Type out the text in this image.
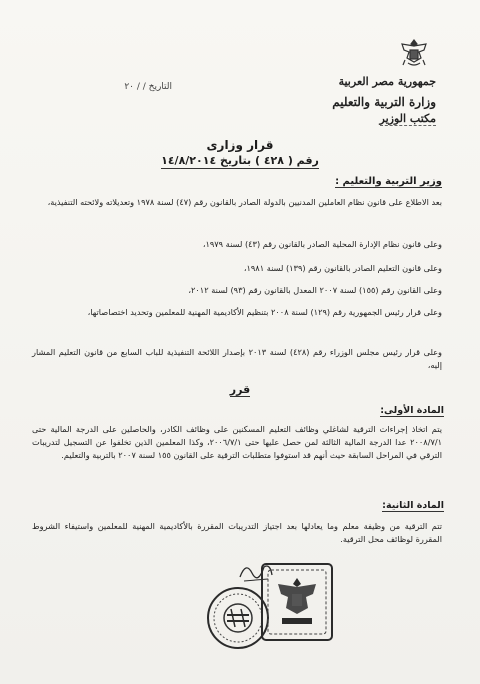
جمهورية مصر العربية
وزارة التربية والتعليم
مكتب الوزير
التاريخ / / ٢٠
قرار وزارى
رقم ( ٤٢٨ ) بتاريخ ١٤/٨/٢٠١٤
وزير التربية والتعليم :
بعد الاطلاع على قانون نظام العاملين المدنيين بالدولة الصادر بالقانون رقم (٤٧) لسنة ١٩٧٨ وتعديلاته ولائحته التنفيذية،
وعلى قانون نظام الإدارة المحلية الصادر بالقانون رقم (٤٣) لسنة ١٩٧٩،
وعلى قانون التعليم الصادر بالقانون رقم (١٣٩) لسنة ١٩٨١،
وعلى القانون رقم (١٥٥) لسنة ٢٠٠٧ المعدل بالقانون رقم (٩٣) لسنة ٢٠١٢،
وعلى قرار رئيس الجمهورية رقم (١٢٩) لسنة ٢٠٠٨ بتنظيم الأكاديمية المهنية للمعلمين وتحديد اختصاصاتها،
وعلى قرار رئيس مجلس الوزراء رقم (٤٢٨) لسنة ٢٠١٣ بإصدار اللائحة التنفيذية للباب السابع من قانون التعليم المشار إليه،
قرر
المادة الأولى:
يتم اتخاذ إجراءات الترقية لشاغلي وظائف التعليم المسكنين على وظائف الكادر، والحاصلين على الدرجة المالية حتى ٢٠٠٨/٧/١ عدا الدرجة المالية الثالثة لمن حصل عليها حتى ٢٠٠٦/٧/١، وكذا المعلمين الذين تخلفوا عن التسجيل لتدريبات الترقي في المراحل السابقة حيث أنهم قد استوفوا متطلبات الترقية على القانون ١٥٥ لسنة ٢٠٠٧ بالتربية والتعليم.
المادة الثانية:
تتم الترقية من وظيفة معلم وما يعادلها بعد اجتياز التدريبات المقررة بالأكاديمية المهنية للمعلمين واستيفاء الشروط المقررة لوظائف محل الترقية.
